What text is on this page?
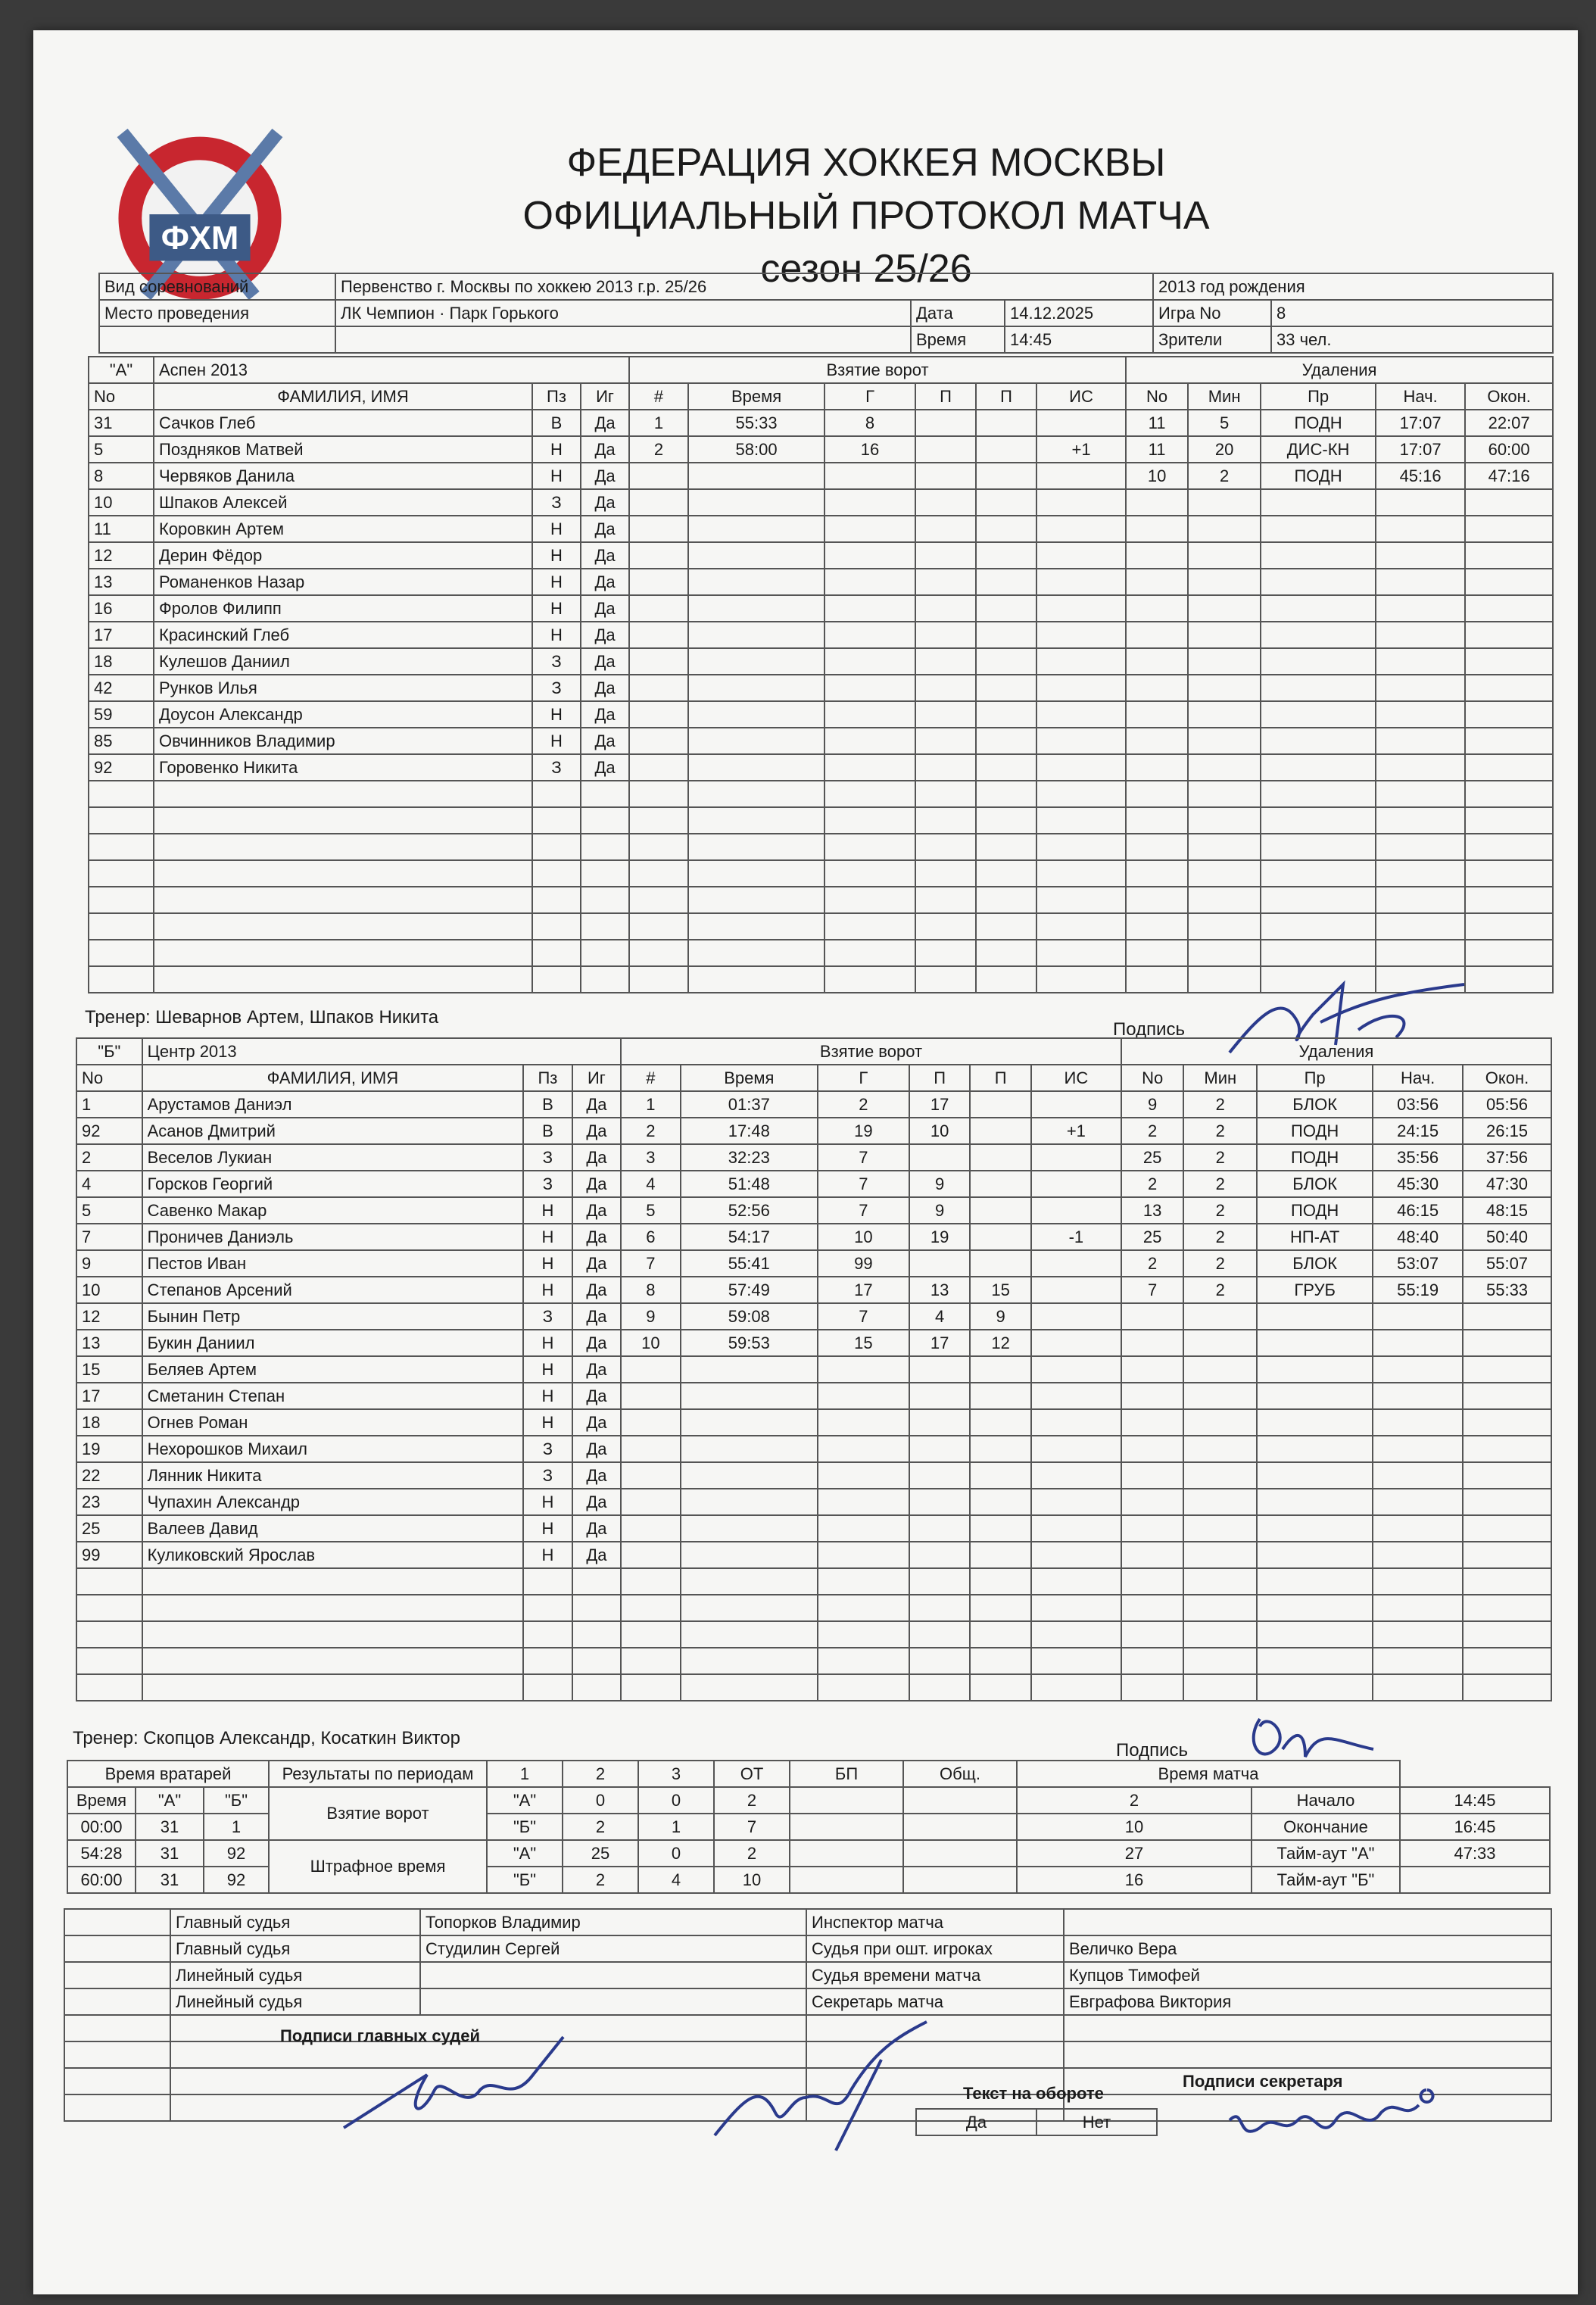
ФХМ
ФЕДЕРАЦИЯ ХОККЕЯ МОСКВЫ
ОФИЦИАЛЬНЫЙ ПРОТОКОЛ МАТЧА
сезон 25/26
Вид соревнований	Первенство г. Москвы по хоккею 2013 г.р. 25/26			2013 год рождения	
Место проведения	ЛК Чемпион · Парк Горького	Дата	14.12.2025	Игра No	8
		Время	14:45	Зрители	33 чел.
"А"	Аспен 2013			Взятие ворот						Удаления				
No	ФАМИЛИЯ, ИМЯ		Пз	Иг	#	Время	Г	П	П	ИС		No	Мин	Пр	Нач.	Окон.
31	Сачков Глеб		В	Да	1	55:33	8					11	5	ПОДН	17:07	22:07
5	Поздняков Матвей		Н	Да	2	58:00	16			+1		11	20	ДИС-КН	17:07	60:00
8	Червяков Данила		Н	Да								10	2	ПОДН	45:16	47:16
10	Шпаков Алексей		З	Да												
11	Коровкин Артем		Н	Да												
12	Дерин Фёдор		Н	Да												
13	Романенков Назар		Н	Да												
16	Фролов Филипп		Н	Да												
17	Красинский Глеб		Н	Да												
18	Кулешов Даниил		З	Да												
42	Рунков Илья		З	Да												
59	Доусон Александр		Н	Да												
85	Овчинников Владимир		Н	Да												
92	Горовенко Никита		З	Да												

Тренер: Шеварнов Артем, Шпаков Никита
Подпись
"Б"	Центр 2013			Взятие ворот						Удаления				
No	ФАМИЛИЯ, ИМЯ		Пз	Иг	#	Время	Г	П	П	ИС		No	Мин	Пр	Нач.	Окон.
1	Арустамов Даниэл		В	Да	1	01:37	2	17				9	2	БЛОК	03:56	05:56
92	Асанов Дмитрий		В	Да	2	17:48	19	10		+1		2	2	ПОДН	24:15	26:15
2	Веселов Лукиан		З	Да	3	32:23	7					25	2	ПОДН	35:56	37:56
4	Горсков Георгий		З	Да	4	51:48	7	9				2	2	БЛОК	45:30	47:30
5	Савенко Макар		Н	Да	5	52:56	7	9				13	2	ПОДН	46:15	48:15
7	Проничев Даниэль		Н	Да	6	54:17	10	19		-1		25	2	НП-АТ	48:40	50:40
9	Пестов Иван		Н	Да	7	55:41	99					2	2	БЛОК	53:07	55:07
10	Степанов Арсений		Н	Да	8	57:49	17	13	15			7	2	ГРУБ	55:19	55:33
12	Бынин Петр		З	Да	9	59:08	7	4	9							
13	Букин Даниил		Н	Да	10	59:53	15	17	12							
15	Беляев Артем		Н	Да												
17	Сметанин Степан		Н	Да												
18	Огнев Роман		Н	Да												
19	Нехорошков Михаил		З	Да												
22	Лянник Никита		З	Да												
23	Чупахин Александр		Н	Да												
25	Валеев Давид		Н	Да												
99	Куликовский Ярослав		Н	Да												

Тренер: Скопцов Александр, Косаткин Виктор
Подпись
Время вратарей			Результаты по периодам	1	2	3	ОТ	БП	Общ.	Время матча		
Время	"А"	"Б"	Взятие ворот	"А"	0	0	2			2	Начало	14:45
00:00	31	1		"Б"	2	1	7			10	Окончание	16:45
54:28	31	92	Штрафное время	"А"	25	0	2			27	Тайм-аут "А"	47:33
60:00	31	92		"Б"	2	4	10			16	Тайм-аут "Б"	
	Главный судья	Топорков Владимир	Инспектор матча		
	Главный судья	Студилин Сергей	Судья при ошт. игроках	Величко Вера	
	Линейный судья		Судья времени матча	Купцов Тимофей	
	Линейный судья		Секретарь матча	Евграфова Виктория	

Подписи главных судей
Текст на обороте
Да	Нет
Подписи секретаря
